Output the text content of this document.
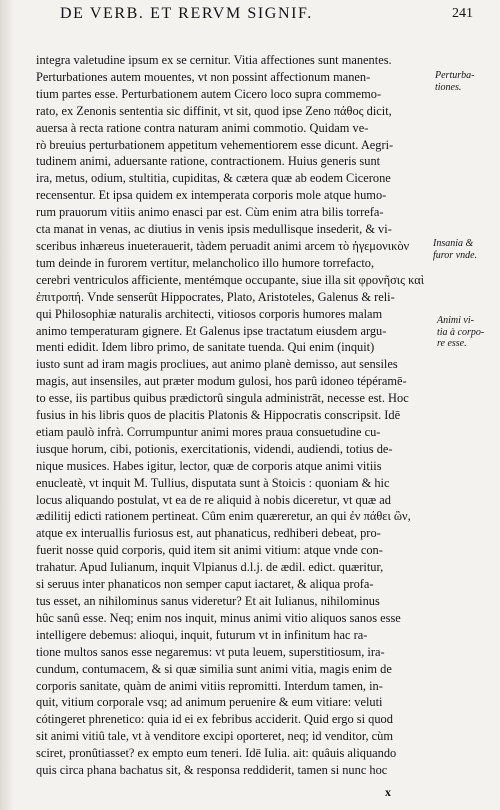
DE VERB. ET RERVM SIGNIF.	241
integra valetudine ipsum ex se cernitur. Vitia affectiones sunt manentes.
Perturbationes autem mouentes, vt non possint affectionum manen-
tium partes esse. Perturbationem autem Cicero loco supra commemo-
rato, ex Zenonis sententia sic diffinit, vt sit, quod ipse Zeno πάθος dicit,
auersa à recta ratione contra naturam animi commotio. Quidam ve-
rò breuius perturbationem appetitum vehementiorem esse dicunt. Aegri-
tudinem animi, aduersante ratione, contractionem. Huius generis sunt
ira, metus, odium, stultitia, cupiditas, & cætera quæ ab eodem Cicerone
recensentur. Et ipsa quidem ex intemperata corporis mole atque humo-
rum prauorum vitiis animo enasci par est. Cùm enim atra bilis torrefa-
cta manat in venas, ac diutius in venis ipsis medullisque insederit, & vi-
sceribus inhæreus inueterauerit, tàdem peruadit animi arcem τὸ ἡγεμονικὸν
tum deinde in furorem vertitur, melancholico illo humore torrefacto,
cerebri ventriculos afficiente, mentémque occupante, siue illa sit φρονῆσις καὶ
ἐπιτροπή. Vnde senserût Hippocrates, Plato, Aristoteles, Galenus & reli-
qui Philosophiæ naturalis architecti, vitiosos corporis humores malam
animo temperaturam gignere. Et Galenus ipse tractatum eiusdem argu-
menti edidit. Idem libro primo, de sanitate tuenda. Qui enim (inquit)
iusto sunt ad iram magis procliues, aut animo planè demisso, aut sensiles
magis, aut insensiles, aut præter modum gulosi, hos parû idoneo tépéramē-
to esse, iis partibus quibus prædictorû singula administrāt, necesse est. Hoc
fusius in his libris quos de placitis Platonis & Hippocratis conscripsit. Idē
etiam paulò infrà. Corrumpuntur animi mores praua consuetudine cu-
iusque horum, cibi, potionis, exercitationis, videndi, audiendi, totius de-
nique musices. Habes igitur, lector, quæ de corporis atque animi vitiis
enucleatè, vt inquit M. Tullius, disputata sunt à Stoicis : quoniam & hic
locus aliquando postulat, vt ea de re aliquid à nobis diceretur, vt quæ ad
ædilitij edicti rationem pertineat. Cûm enim quæreretur, an qui ἐν πάθει ὢν,
atque ex interuallis furiosus est, aut phanaticus, redhiberi debeat, pro-
fuerit nosse quid corporis, quid item sit animi vitium: atque vnde con-
trahatur. Apud Iulianum, inquit Vlpianus d.l.j. de ædil. edict. quæritur,
si seruus inter phanaticos non semper caput iactaret, & aliqua profa-
tus esset, an nihilominus sanus videretur? Et ait Iulianus, nihilominus
hûc sanû esse. Neq; enim nos inquit, minus animi vitio aliquos sanos esse
intelligere debemus: alioqui, inquit, futurum vt in infinitum hac ra-
tione multos sanos esse negaremus: vt puta leuem, superstitiosum, ira-
cundum, contumacem, & si quæ similia sunt animi vitia, magis enim de
corporis sanitate, quàm de animi vitiis repromitti. Interdum tamen, in-
quit, vitium corporale vsq; ad animum peruenire & eum vitiare: veluti
cótingeret phrenetico: quia id ei ex febribus acciderit. Quid ergo si quod
sit animi vitiû tale, vt à venditore excipi oporteret, neq; id venditor, cùm
sciret, pronûtiasset? ex empto eum teneri. Idē Iulia. ait: quâuis aliquando
quis circa phana bachatus sit, & responsa reddiderit, tamen si nunc hoc
Perturba-
tiones.
Insania &
furor vnde.
Animi vi-
tia à corpo-
re esse.
x
